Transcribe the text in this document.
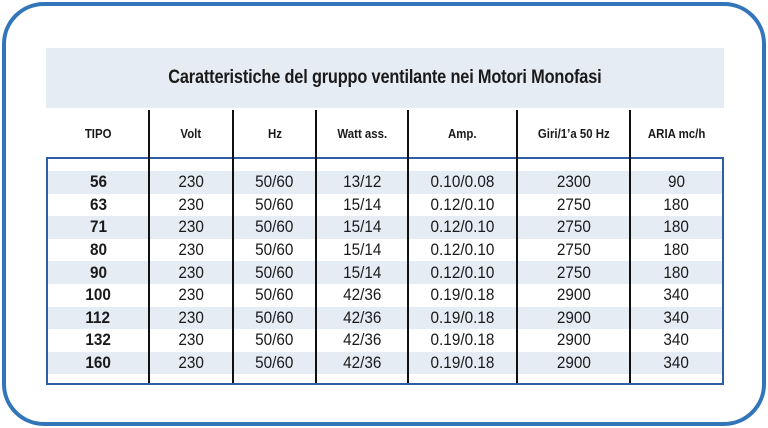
Caratteristiche del gruppo ventilante nei Motori Monofasi
TIPO	Volt	Hz	Watt ass.	Amp.	Giri/1’a 50 Hz	ARIA mc/h
56	230	50/60	13/12	0.10/0.08	2300	90
63	230	50/60	15/14	0.12/0.10	2750	180
71	230	50/60	15/14	0.12/0.10	2750	180
80	230	50/60	15/14	0.12/0.10	2750	180
90	230	50/60	15/14	0.12/0.10	2750	180
100	230	50/60	42/36	0.19/0.18	2900	340
112	230	50/60	42/36	0.19/0.18	2900	340
132	230	50/60	42/36	0.19/0.18	2900	340
160	230	50/60	42/36	0.19/0.18	2900	340
